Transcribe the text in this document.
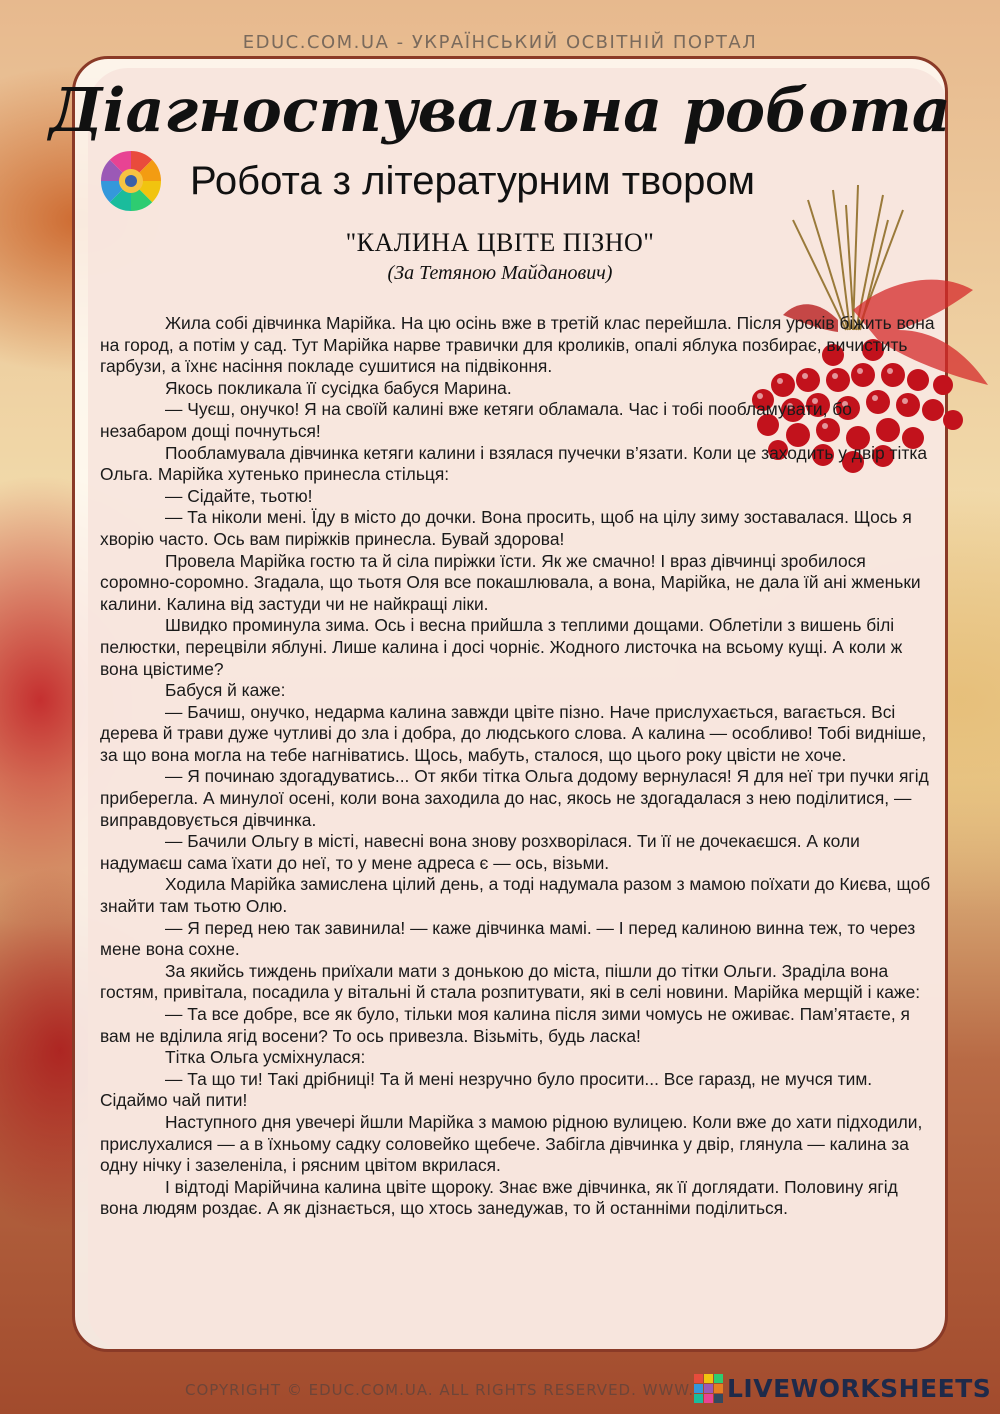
EDUC.COM.UA - УКРАЇНСЬКИЙ ОСВІТНІЙ ПОРТАЛ
Діагностувальна робота
Робота з літературним твором
"КАЛИНА ЦВІТЕ ПІЗНО"
(За Тетяною Майданович)

Жила собі дівчинка Марійка. На цю осінь вже в третій клас перейшла. Після уроків біжить вона на город, а потім у сад. Тут Марійка нарве травички для кроликів, опалі яблука позбирає, вичистить гарбузи, а їхнє насіння покладе сушитися на підвіконня.

Якось покликала її сусідка бабуся Марина.

— Чуєш, онучко! Я на своїй калині вже кетяги обламала. Час і тобі пообламувати, бо незабаром дощі почнуться!

Пообламувала дівчинка кетяги калини і взялася пучечки в’язати. Коли це заходить у двір тітка Ольга. Марійка хутенько принесла стільця:

— Сідайте, тьотю!

— Та ніколи мені. Їду в місто до дочки. Вона просить, щоб на цілу зиму зоставалася. Щось я хворію часто. Ось вам пиріжків принесла. Бувай здорова!

Провела Марійка гостю та й сіла пиріжки їсти. Як же смачно! І враз дівчинці зробилося соромно-соромно. Згадала, що тьотя Оля все покашлювала, а вона, Марійка, не дала їй ані жменьки калини. Калина від застуди чи не найкращі ліки.

Швидко проминула зима. Ось і весна прийшла з теплими дощами. Облетіли з вишень білі пелюстки, перецвіли яблуні. Лише калина і досі чорніє. Жодного листочка на всьому кущі. А коли ж вона цвістиме?

Бабуся й каже:

— Бачиш, онучко, недарма калина завжди цвіте пізно. Наче прислухається, вагається. Всі дерева й трави дуже чутливі до зла і добра, до людського слова. А калина — особливо! Тобі видніше, за що вона могла на тебе нагніватись. Щось, мабуть, сталося, що цього року цвісти не хоче.

— Я починаю здогадуватись... От якби тітка Ольга додому вернулася! Я для неї три пучки ягід приберегла. А минулої осені, коли вона заходила до нас, якось не здогадалася з нею поділитися, — виправдовується дівчинка.

— Бачили Ольгу в місті, навесні вона знову розхворілася. Ти її не дочекаєшся. А коли надумаєш сама їхати до неї, то у мене адреса є — ось, візьми.

Ходила Марійка замислена цілий день, а тоді надумала разом з мамою поїхати до Києва, щоб знайти там тьотю Олю.

— Я перед нею так завинила! — каже дівчинка мамі. — І перед калиною винна теж, то через мене вона сохне.

За якийсь тиждень приїхали мати з донькою до міста, пішли до тітки Ольги. Зраділа вона гостям, привітала, посадила у вітальні й стала розпитувати, які в селі новини. Марійка мерщій і каже:

— Та все добре, все як було, тільки моя калина після зими чомусь не оживає. Пам’ятаєте, я вам не вділила ягід восени? То ось привезла. Візьміть, будь ласка!

Тітка Ольга усміхнулася:

— Та що ти! Такі дрібниці! Та й мені незручно було просити... Все гаразд, не мучся тим. Сідаймо чай пити!

Наступного дня увечері йшли Марійка з мамою рідною вулицею. Коли вже до хати підходили, прислухалися — а в їхньому садку соловейко щебече. Забігла дівчинка у двір, глянула — калина за одну нічку і зазеленіла, і рясним цвітом вкрилася.

І відтоді Марійчина калина цвіте щороку. Знає вже дівчинка, як її доглядати. Половину ягід вона людям роздає. А як дізнається, що хтось занедужав, то й останніми поділиться.

COPYRIGHT © EDUC.COM.UA. ALL RIGHTS RESERVED. WWW. LIVEWORKSHEETS
